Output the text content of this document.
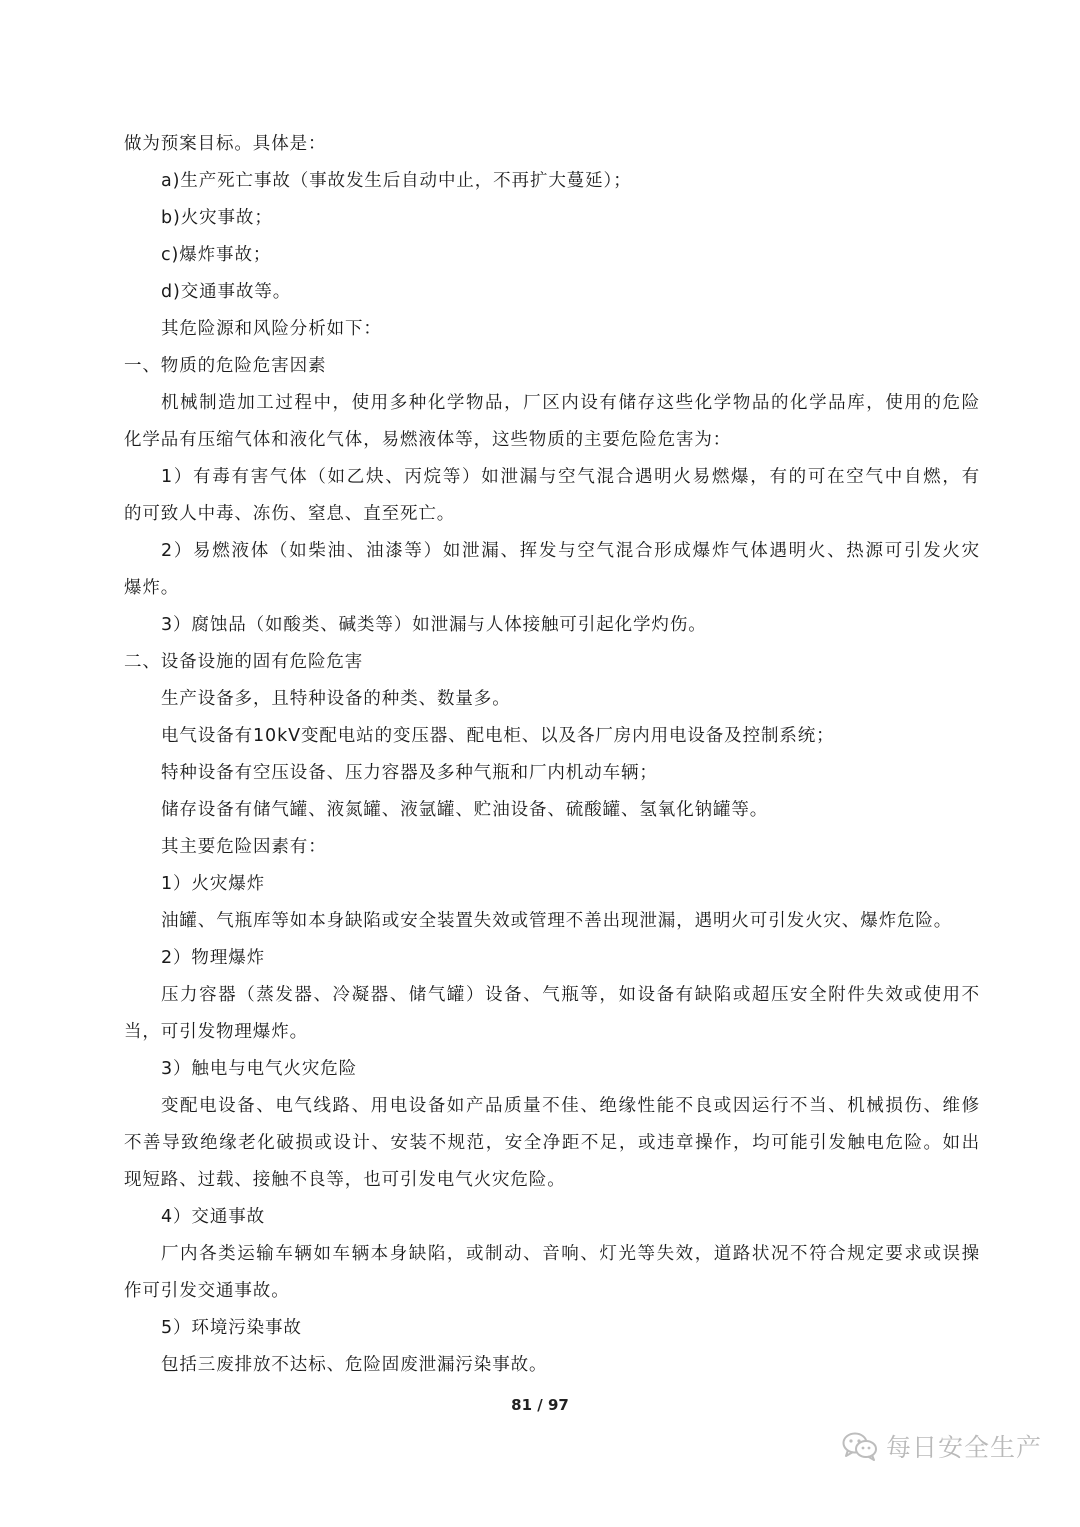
做为预案目标。具体是：
a)生产死亡事故（事故发生后自动中止，不再扩大蔓延）；
b)火灾事故；
c)爆炸事故；
d)交通事故等。
其危险源和风险分析如下：
一、物质的危险危害因素
机械制造加工过程中，使用多种化学物品，厂区内设有储存这些化学物品的化学品库，使用的危险
化学品有压缩气体和液化气体，易燃液体等，这些物质的主要危险危害为：
1）有毒有害气体（如乙炔、丙烷等）如泄漏与空气混合遇明火易燃爆，有的可在空气中自燃，有
的可致人中毒、冻伤、窒息、直至死亡。
2）易燃液体（如柴油、油漆等）如泄漏、挥发与空气混合形成爆炸气体遇明火、热源可引发火灾
爆炸。
3）腐蚀品（如酸类、碱类等）如泄漏与人体接触可引起化学灼伤。
二、设备设施的固有危险危害
生产设备多，且特种设备的种类、数量多。
电气设备有10kV变配电站的变压器、配电柜、以及各厂房内用电设备及控制系统；
特种设备有空压设备、压力容器及多种气瓶和厂内机动车辆；
储存设备有储气罐、液氮罐、液氩罐、贮油设备、硫酸罐、氢氧化钠罐等。
其主要危险因素有：
1）火灾爆炸
油罐、气瓶库等如本身缺陷或安全装置失效或管理不善出现泄漏，遇明火可引发火灾、爆炸危险。
2）物理爆炸
压力容器（蒸发器、冷凝器、储气罐）设备、气瓶等，如设备有缺陷或超压安全附件失效或使用不
当，可引发物理爆炸。
3）触电与电气火灾危险
变配电设备、电气线路、用电设备如产品质量不佳、绝缘性能不良或因运行不当、机械损伤、维修
不善导致绝缘老化破损或设计、安装不规范，安全净距不足，或违章操作，均可能引发触电危险。如出
现短路、过载、接触不良等，也可引发电气火灾危险。
4）交通事故
厂内各类运输车辆如车辆本身缺陷，或制动、音响、灯光等失效，道路状况不符合规定要求或误操
作可引发交通事故。
5）环境污染事故
包括三废排放不达标、危险固废泄漏污染事故。
81 / 97
每日安全生产
